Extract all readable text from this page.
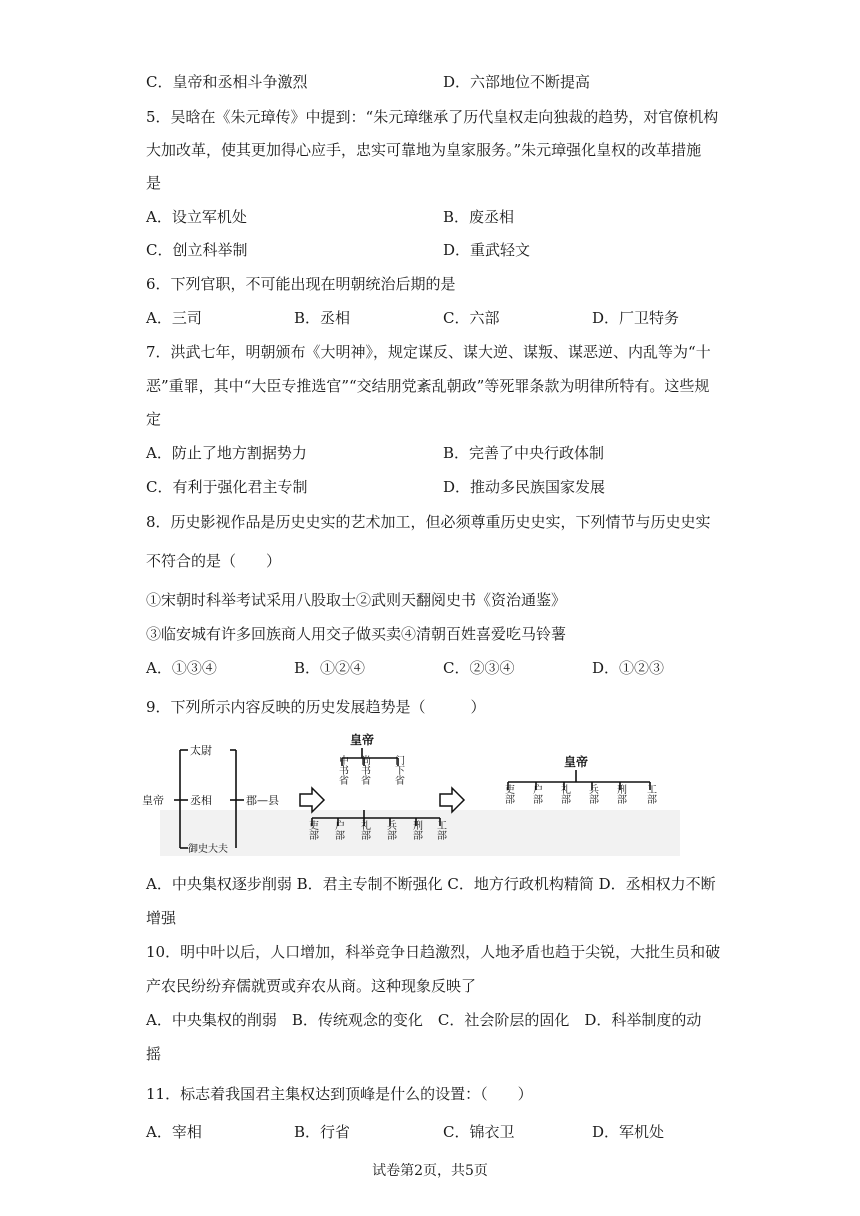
C．皇帝和丞相斗争激烈	D．六部地位不断提高
5．吴晗在《朱元璋传》中提到：“朱元璋继承了历代皇权走向独裁的趋势，对官僚机构
大加改革，使其更加得心应手，忠实可靠地为皇家服务。”朱元璋强化皇权的改革措施
是
A．设立军机处	B．废丞相
C．创立科举制	D．重武轻文
6．下列官职，不可能出现在明朝统治后期的是
A．三司	B．丞相	C．六部	D．厂卫特务
7．洪武七年，明朝颁布《大明神》，规定谋反、谋大逆、谋叛、谋恶逆、内乱等为“十
恶”重罪，其中“大臣专推选官”“交结朋党紊乱朝政”等死罪条款为明律所特有。这些规
定
A．防止了地方割据势力	B．完善了中央行政体制
C．有利于强化君主专制	D．推动多民族国家发展
8．历史影视作品是历史史实的艺术加工，但必须尊重历史史实，下列情节与历史史实
不符合的是（　　）
①宋朝时科举考试采用八股取士②武则天翻阅史书《资治通鉴》
③临安城有许多回族商人用交子做买卖④清朝百姓喜爱吃马铃薯
A．①③④	B．①②④	C．②③④	D．①②③
9．下列所示内容反映的历史发展趋势是（　　　）
皇帝
太尉
丞相
御史大夫
郡—县
皇帝
中书省 尚书省 门下省
吏部 户部 礼部 兵部 刑部 工部
皇帝
吏部 户部 礼部 兵部 刑部 工部
A．中央集权逐步削弱 B．君主专制不断强化 C．地方行政机构精简 D．丞相权力不断
增强
10．明中叶以后，人口增加，科举竞争日趋激烈，人地矛盾也趋于尖锐，大批生员和破
产农民纷纷弃儒就贾或弃农从商。这种现象反映了
A．中央集权的削弱　B．传统观念的变化　C．社会阶层的固化　D．科举制度的动
摇
11．标志着我国君主集权达到顶峰是什么的设置：（　　）
A．宰相	B．行省	C．锦衣卫	D．军机处
试卷第2页，共5页
